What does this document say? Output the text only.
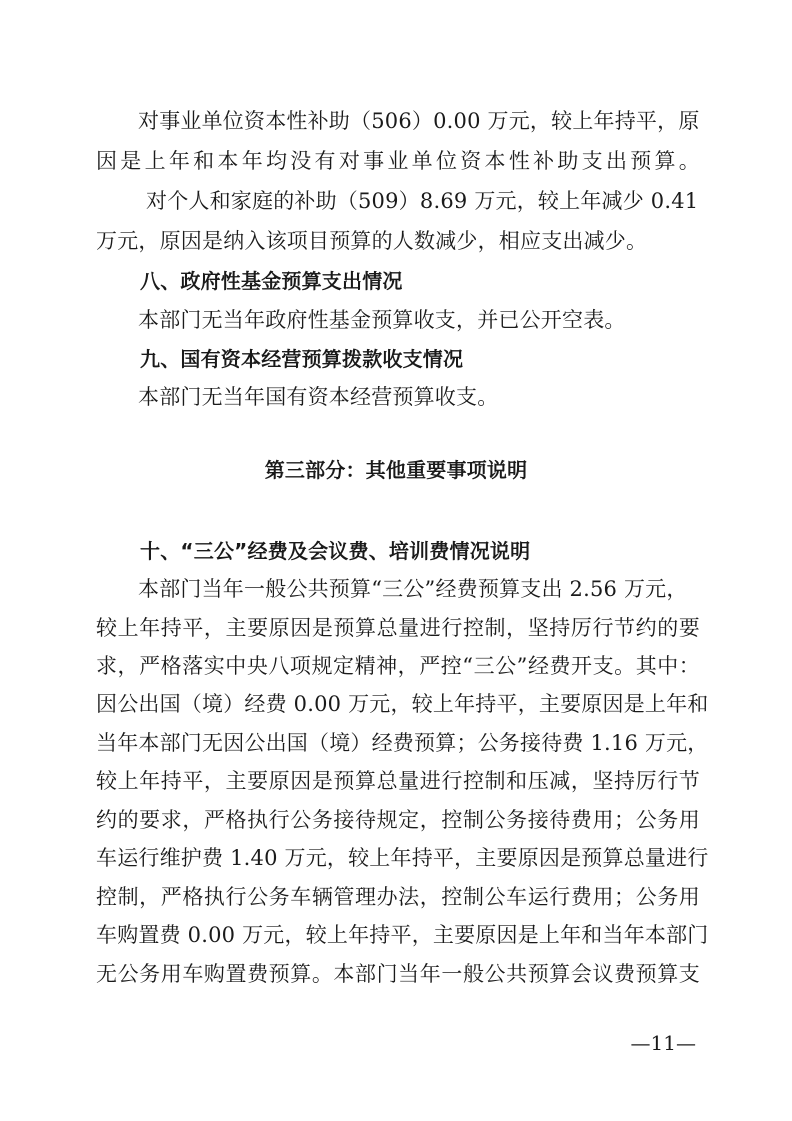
对事业单位资本性补助（506）0.00 万元，较上年持平，原
因是上年和本年均没有对事业单位资本性补助支出预算。
对个人和家庭的补助（509）8.69 万元，较上年减少 0.41
万元，原因是纳入该项目预算的人数减少，相应支出减少。
八、政府性基金预算支出情况
本部门无当年政府性基金预算收支，并已公开空表。
九、国有资本经营预算拨款收支情况
本部门无当年国有资本经营预算收支。
第三部分：其他重要事项说明
十、“三公”经费及会议费、培训费情况说明
本部门当年一般公共预算“三公”经费预算支出 2.56 万元，
较上年持平，主要原因是预算总量进行控制，坚持厉行节约的要
求，严格落实中央八项规定精神，严控“三公”经费开支。其中：
因公出国（境）经费 0.00 万元，较上年持平，主要原因是上年和
当年本部门无因公出国（境）经费预算；公务接待费 1.16 万元，
较上年持平，主要原因是预算总量进行控制和压减，坚持厉行节
约的要求，严格执行公务接待规定，控制公务接待费用；公务用
车运行维护费 1.40 万元，较上年持平，主要原因是预算总量进行
控制，严格执行公务车辆管理办法，控制公车运行费用；公务用
车购置费 0.00 万元，较上年持平，主要原因是上年和当年本部门
无公务用车购置费预算。本部门当年一般公共预算会议费预算支
—11—
